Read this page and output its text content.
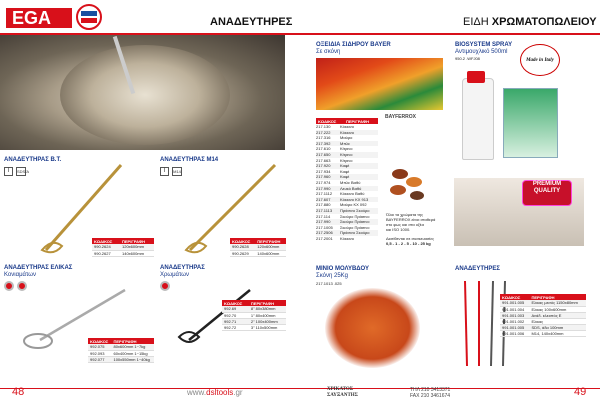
EGA	ΑΝΑΔΕΥΤΗΡΕΣ	ΕΙΔΗ ΧΡΩΜΑΤΟΠΩΛΕΙΟΥ
ΑΝΑΔΕΥΤΗΡΑΣ Β.Τ.
Ι	SDS/A
ΚΩΔΙΚΟΣ	ΠΕΡΙΓΡΑΦΗ
990.2624	120x600mm
990.2627	140x600mm
ΑΝΑΔΕΥΤΗΡΑΣ Μ14
Ι	M14
ΚΩΔΙΚΟΣ	ΠΕΡΙΓΡΑΦΗ
990.2628	120x600mm
990.2629	140x600mm
ΑΝΑΔΕΥΤΗΡΑΣ ΕΛΙΚΑΣ
Κονιαμάτων
ΚΩΔΙΚΟΣ	ΠΕΡΙΓΡΑΦΗ
992.075	80x600mm 1~7kg
992.093	60x400mm 1~15kg
992.077	100x550mm 1~40kg
ΑΝΑΔΕΥΤΗΡΑΣ
Χρωμάτων
ΚΩΔΙΚΟΣ	ΠΕΡΙΓΡΑΦΗ
992.69	8" 80x380mm
992.70	1" 80x400mm
992.71	2" 100x400mm
992.72	3" 110x500mm
ΟΞΕΙΔΙΑ ΣΙΔΗΡΟΥ BAYER
Σε σκόνη
BAYFERROX
ΚΩΔΙΚΟΣ	ΠΕΡΙΓΡΑΦΗ
217.130	Κόκκινο
217.222	Κόκκινο
217.316	Μαύρο
217.392	Μπλε
217.610	Κίτρινο
217.650	Κίτρινο
217.663	Κίτρινο
217.920	Καφέ
217.934	Καφέ
217.960	Καφέ
217.974	Μπλε Βαθύ
217.990	Λευκό Βαθύ
217.1112	Κόκκινο Βαθύ
217.607	Κόκκινο ΚΧ 913
217.880	Μαύρο ΚΧ 092
217.1113	Πράσινο Σκούρο
217.114	Σκούρο Πράσινο
217.990	Σκούρο Πράσινο
217.1005	Σκούρο Πράσινο
217.2506	Πράσινο Σκούρο
217.2001	Κόκκινο
Όλοι τα χρώματα της
BAYFERROX είναι σταθερά
στο φως και στα οξέα
και ISO 1000.
Διατίθενται σε συσκευασίες
0,5 - 1 - 2 - 5 - 10 - 25 kg
BIOSYSTEM SPRAY
Αντιμουχλικό 500ml
950.2 .WFJ08	Made in Italy
PREMIUM QUALITY
ΜΙΝΙΟ ΜΟΛΥΒΔΟΥ
Σκόνη 25Kg
217.1013 .025
ΑΝΑΔΕΥΤΗΡΕΣ
ΚΩΔΙΚΟΣ	ΠΕΡΙΓΡΑΦΗ
991.001.005	Ελικας μεσός 1150x80mm
991.001.004	Ελικας 100x600mm
991.001.003	Ανάδ. κλειστός Ε
991.001.002	Ελικας
991.001.005	SDS, άδα 100mm
991.001.006	M14, 140x400mm
48	49
www.dsltools.gr	ΧΡΙΚΑΤΟΣ
ΣΑΥΞΑΝΤΗΣ
ΤΗΛ 210 3413371
FAX 210 3461674
